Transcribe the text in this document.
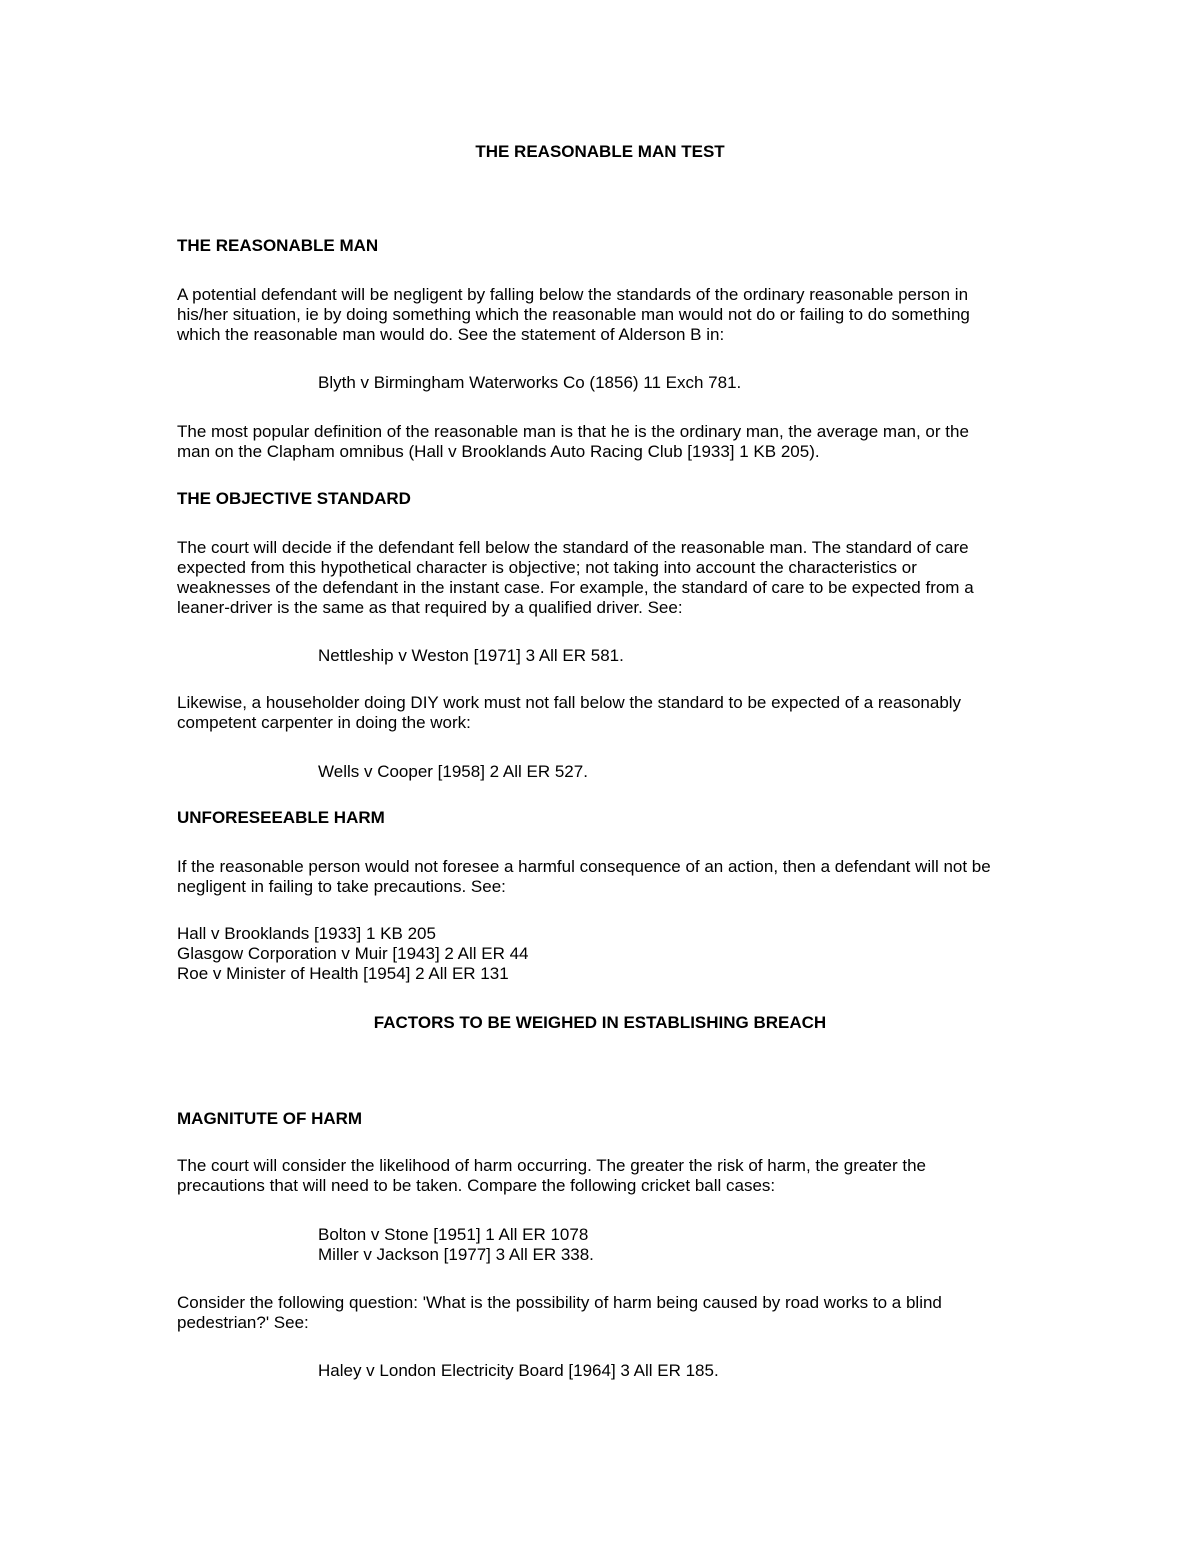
THE REASONABLE MAN TEST
THE REASONABLE MAN
A potential defendant will be negligent by falling below the standards of the ordinary reasonable person in
his/her situation, ie by doing something which the reasonable man would not do or failing to do something
which the reasonable man would do. See the statement of Alderson B in:
Blyth v Birmingham Waterworks Co (1856) 11 Exch 781.
The most popular definition of the reasonable man is that he is the ordinary man, the average man, or the
man on the Clapham omnibus (Hall v Brooklands Auto Racing Club [1933] 1 KB 205).
THE OBJECTIVE STANDARD
The court will decide if the defendant fell below the standard of the reasonable man. The standard of care
expected from this hypothetical character is objective; not taking into account the characteristics or
weaknesses of the defendant in the instant case. For example, the standard of care to be expected from a
leaner-driver is the same as that required by a qualified driver. See:
Nettleship v Weston [1971] 3 All ER 581.
Likewise, a householder doing DIY work must not fall below the standard to be expected of a reasonably
competent carpenter in doing the work:
Wells v Cooper [1958] 2 All ER 527.
UNFORESEEABLE HARM
If the reasonable person would not foresee a harmful consequence of an action, then a defendant will not be
negligent in failing to take precautions. See:
Hall v Brooklands [1933] 1 KB 205
Glasgow Corporation v Muir [1943] 2 All ER 44
Roe v Minister of Health [1954] 2 All ER 131
FACTORS TO BE WEIGHED IN ESTABLISHING BREACH
MAGNITUTE OF HARM
The court will consider the likelihood of harm occurring. The greater the risk of harm, the greater the
precautions that will need to be taken. Compare the following cricket ball cases:
Bolton v Stone [1951] 1 All ER 1078
Miller v Jackson [1977] 3 All ER 338.
Consider the following question: 'What is the possibility of harm being caused by road works to a blind
pedestrian?' See:
Haley v London Electricity Board [1964] 3 All ER 185.
